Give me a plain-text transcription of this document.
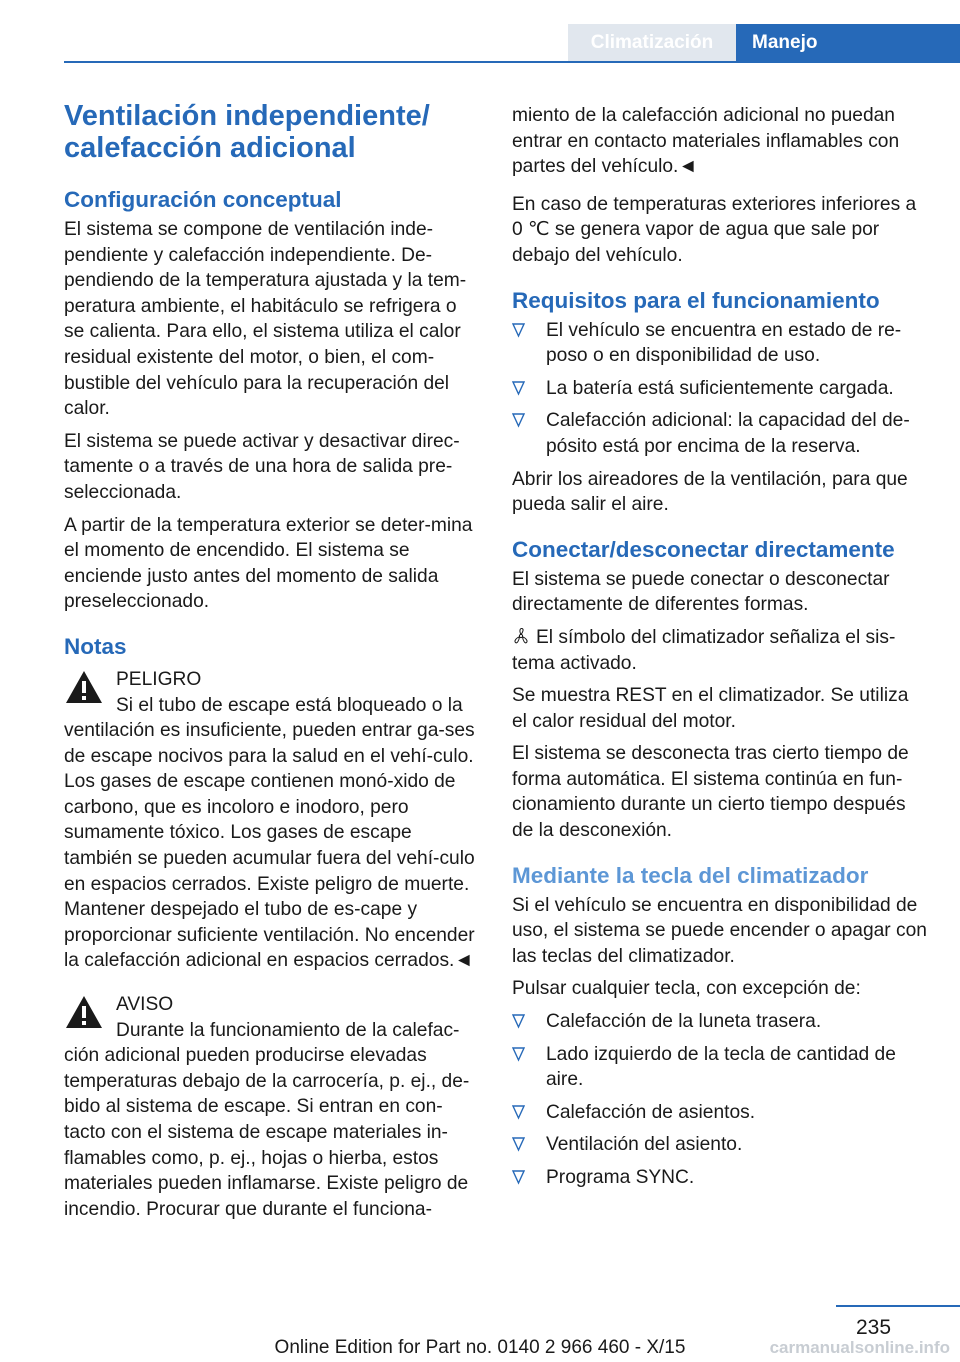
Climatización	Manejo
Ventilación independiente/ calefacción adicional
Configuración conceptual

El sistema se compone de ventilación inde-pendiente y calefacción independiente. De-pendiendo de la temperatura ajustada y la tem-peratura ambiente, el habitáculo se refrigera o se calienta. Para ello, el sistema utiliza el calor residual existente del motor, o bien, el com-bustible del vehículo para la recuperación del calor.

El sistema se puede activar y desactivar direc-tamente o a través de una hora de salida pre-seleccionada.

A partir de la temperatura exterior se deter-mina el momento de encendido. El sistema se enciende justo antes del momento de salida preseleccionado.

Notas
PELIGRO
Si el tubo de escape está bloqueado o la ventilación es insuficiente, pueden entrar ga-ses de escape nocivos para la salud en el vehí-culo. Los gases de escape contienen monó-xido de carbono, que es incoloro e inodoro, pero sumamente tóxico. Los gases de escape también se pueden acumular fuera del vehí-culo en espacios cerrados. Existe peligro de muerte. Mantener despejado el tubo de es-cape y proporcionar suficiente ventilación. No encender la calefacción adicional en espacios cerrados.◄
AVISO
Durante la funcionamiento de la calefac-ción adicional pueden producirse elevadas temperaturas debajo de la carrocería, p. ej., de-bido al sistema de escape. Si entran en con-tacto con el sistema de escape materiales in-flamables como, p. ej., hojas o hierba, estos materiales pueden inflamarse. Existe peligro de incendio. Procurar que durante el funciona-

miento de la calefacción adicional no puedan entrar en contacto materiales inflamables con partes del vehículo.◄

En caso de temperaturas exteriores inferiores a 0 ℃ se genera vapor de agua que sale por debajo del vehículo.

Requisitos para el funcionamiento
El vehículo se encuentra en estado de re-poso o en disponibilidad de uso.
La batería está suficientemente cargada.
Calefacción adicional: la capacidad del de-pósito está por encima de la reserva.

Abrir los aireadores de la ventilación, para que pueda salir el aire.

Conectar/desconectar directamente

El sistema se puede conectar o desconectar directamente de diferentes formas.

El símbolo del climatizador señaliza el sis-tema activado.

Se muestra REST en el climatizador. Se utiliza el calor residual del motor.

El sistema se desconecta tras cierto tiempo de forma automática. El sistema continúa en fun-cionamiento durante un cierto tiempo después de la desconexión.

Mediante la tecla del climatizador

Si el vehículo se encuentra en disponibilidad de uso, el sistema se puede encender o apagar con las teclas del climatizador.

Pulsar cualquier tecla, con excepción de:

Calefacción de la luneta trasera.
Lado izquierdo de la tecla de cantidad de aire.
Calefacción de asientos.
Ventilación del asiento.
Programa SYNC.
235
Online Edition for Part no. 0140 2 966 460 - X/15	carmanualsonline.info
